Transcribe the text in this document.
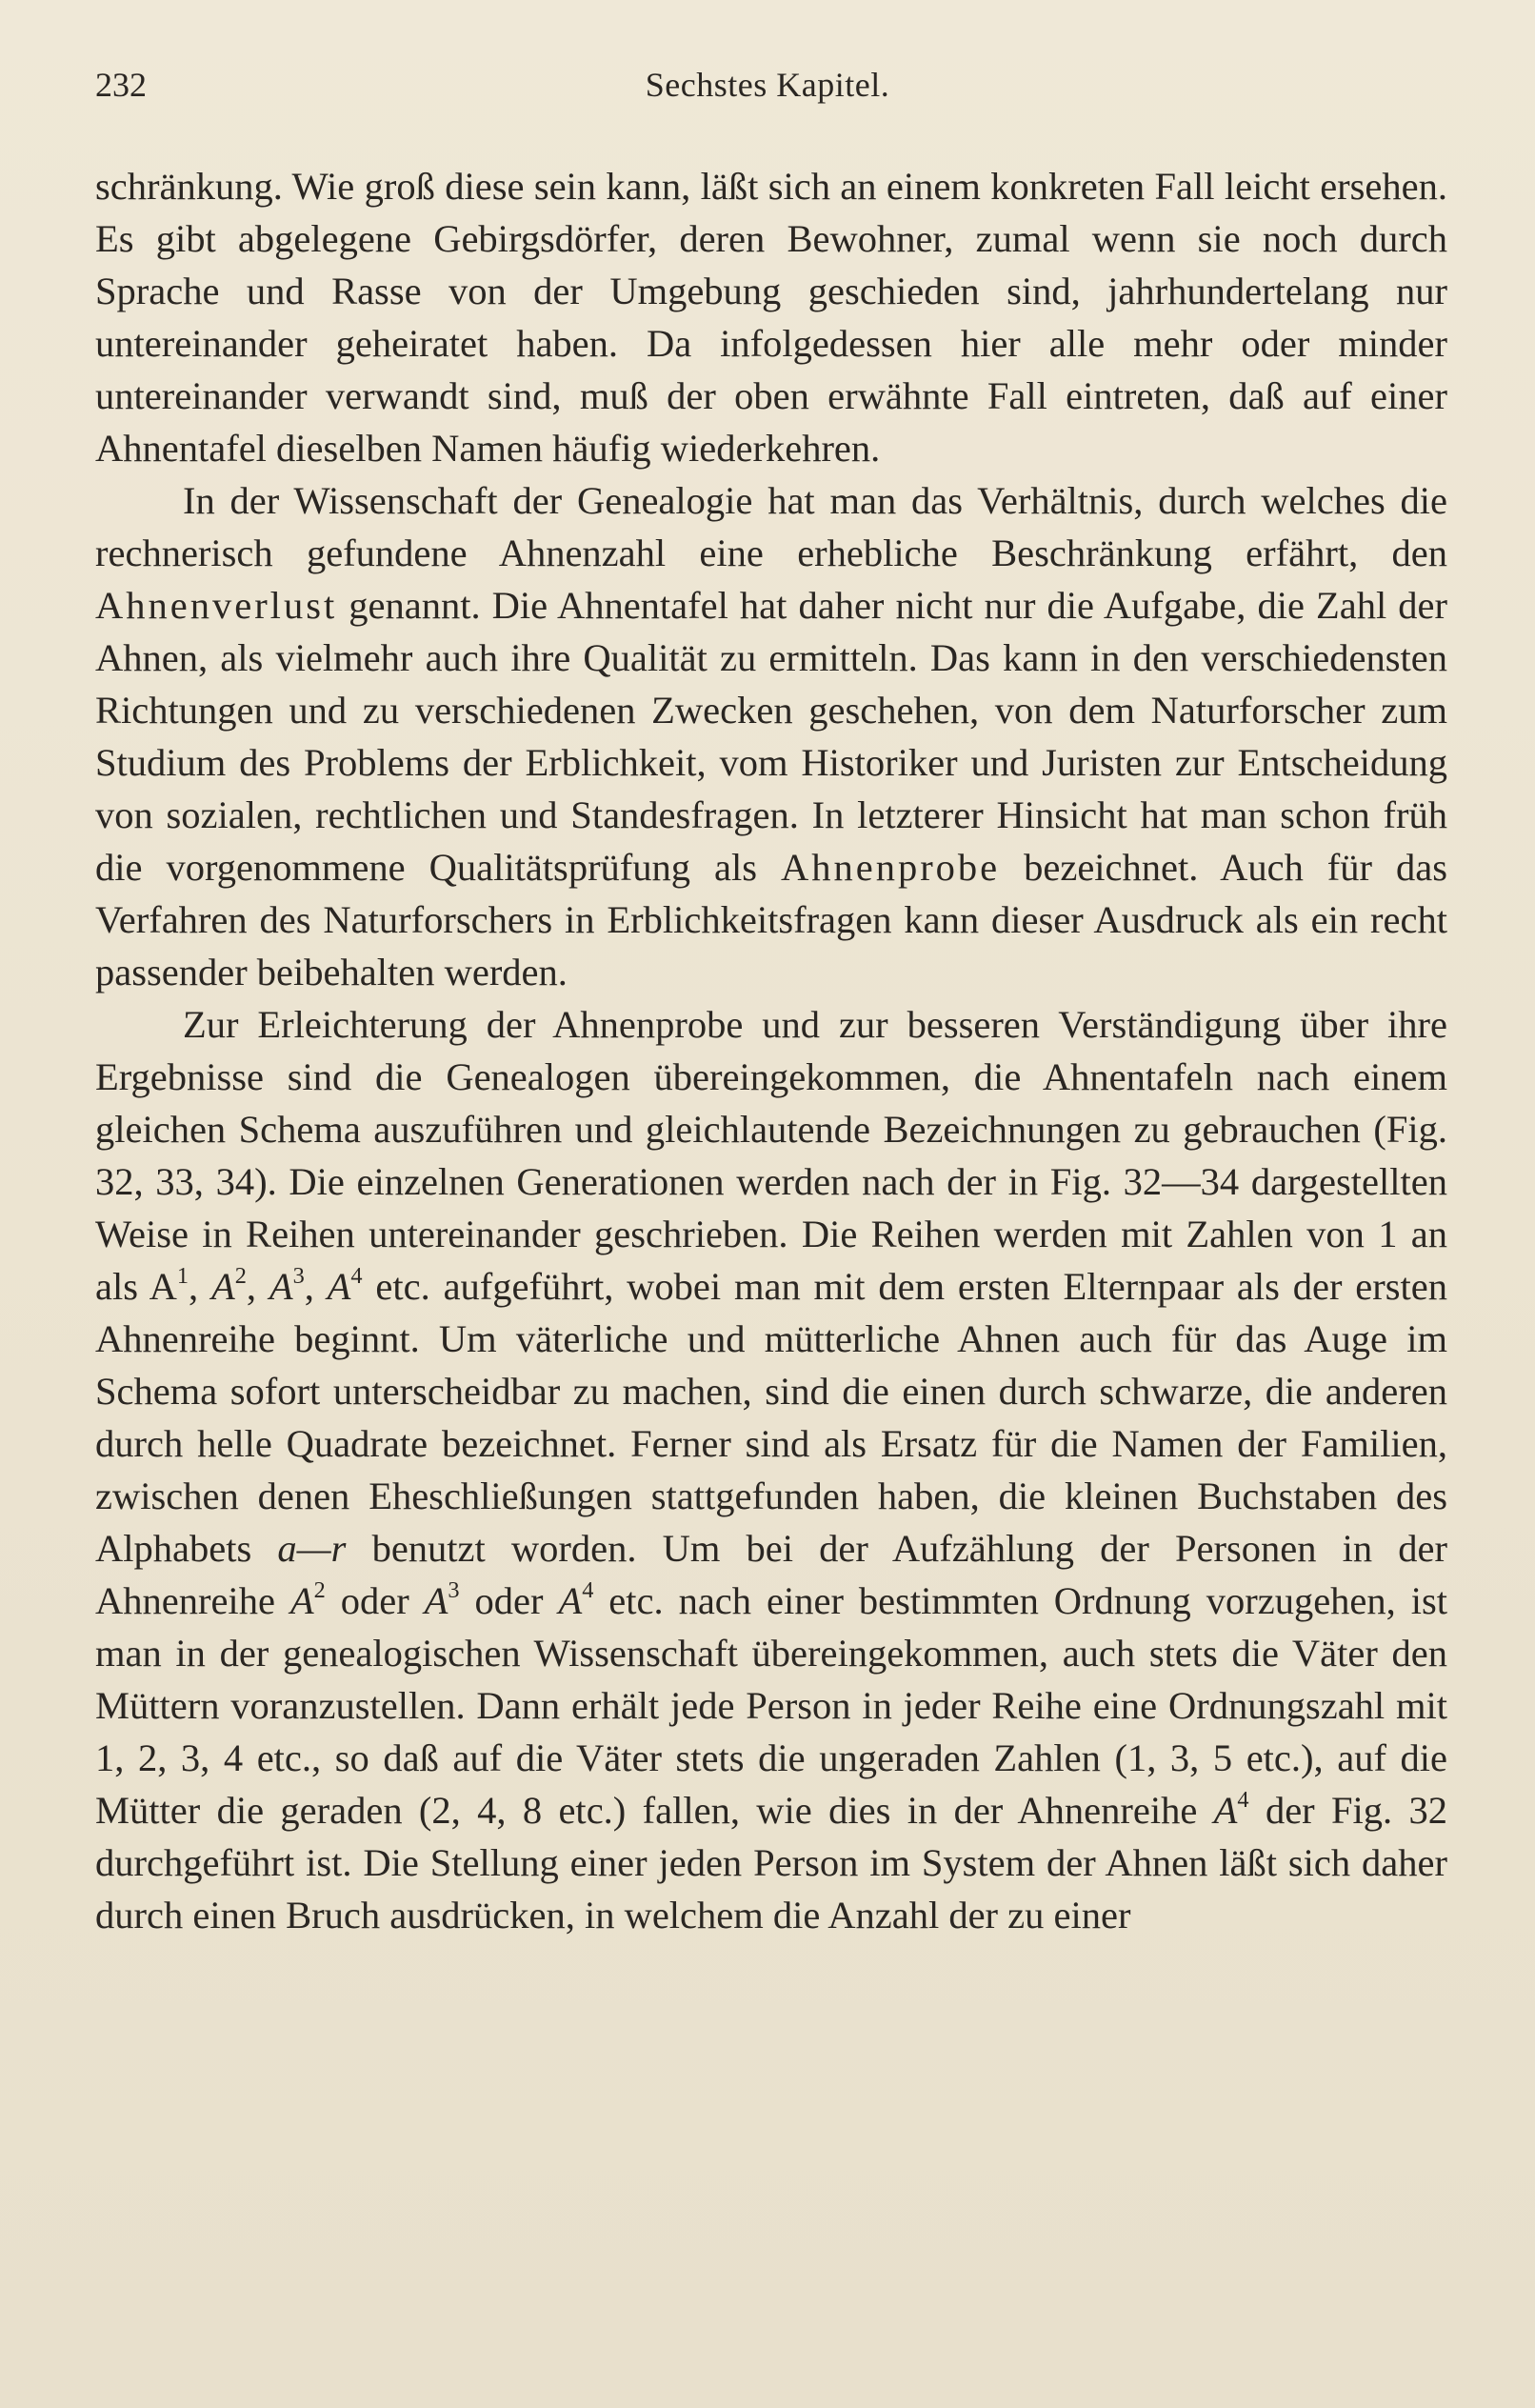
232	Sechstes Kapitel.

schränkung. Wie groß diese sein kann, läßt sich an einem konkreten Fall leicht ersehen. Es gibt abgelegene Gebirgsdörfer, deren Bewohner, zumal wenn sie noch durch Sprache und Rasse von der Umgebung geschieden sind, jahrhundertelang nur untereinander geheiratet haben. Da infolgedessen hier alle mehr oder minder untereinander verwandt sind, muß der oben erwähnte Fall eintreten, daß auf einer Ahnentafel dieselben Namen häufig wiederkehren.

In der Wissenschaft der Genealogie hat man das Verhältnis, durch welches die rechnerisch gefundene Ahnenzahl eine erhebliche Beschränkung erfährt, den Ahnenverlust genannt. Die Ahnentafel hat daher nicht nur die Aufgabe, die Zahl der Ahnen, als vielmehr auch ihre Qualität zu ermitteln. Das kann in den verschiedensten Richtungen und zu verschiedenen Zwecken geschehen, von dem Naturforscher zum Studium des Problems der Erblichkeit, vom Historiker und Juristen zur Entscheidung von sozialen, rechtlichen und Standesfragen. In letzterer Hinsicht hat man schon früh die vorgenommene Qualitätsprüfung als Ahnenprobe bezeichnet. Auch für das Verfahren des Naturforschers in Erblichkeitsfragen kann dieser Ausdruck als ein recht passender beibehalten werden.

Zur Erleichterung der Ahnenprobe und zur besseren Verständigung über ihre Ergebnisse sind die Genealogen übereingekommen, die Ahnentafeln nach einem gleichen Schema auszuführen und gleichlautende Bezeichnungen zu gebrauchen (Fig. 32, 33, 34). Die einzelnen Generationen werden nach der in Fig. 32—34 dargestellten Weise in Reihen untereinander geschrieben. Die Reihen werden mit Zahlen von 1 an als $A^1$, $A^2$, $A^3$, $A^4$ etc. aufgeführt, wobei man mit dem ersten Elternpaar als der ersten Ahnenreihe beginnt. Um väterliche und mütterliche Ahnen auch für das Auge im Schema sofort unterscheidbar zu machen, sind die einen durch schwarze, die anderen durch helle Quadrate bezeichnet. Ferner sind als Ersatz für die Namen der Familien, zwischen denen Eheschließungen stattgefunden haben, die kleinen Buchstaben des Alphabets a—r benutzt worden. Um bei der Aufzählung der Personen in der Ahnenreihe $A^2$ oder $A^3$ oder $A^4$ etc. nach einer bestimmten Ordnung vorzugehen, ist man in der genealogischen Wissenschaft übereingekommen, auch stets die Väter den Müttern voranzustellen. Dann erhält jede Person in jeder Reihe eine Ordnungszahl mit 1, 2, 3, 4 etc., so daß auf die Väter stets die ungeraden Zahlen (1, 3, 5 etc.), auf die Mütter die geraden (2, 4, 8 etc.) fallen, wie dies in der Ahnenreihe $A^4$ der Fig. 32 durchgeführt ist. Die Stellung einer jeden Person im System der Ahnen läßt sich daher durch einen Bruch ausdrücken, in welchem die Anzahl der zu einer
